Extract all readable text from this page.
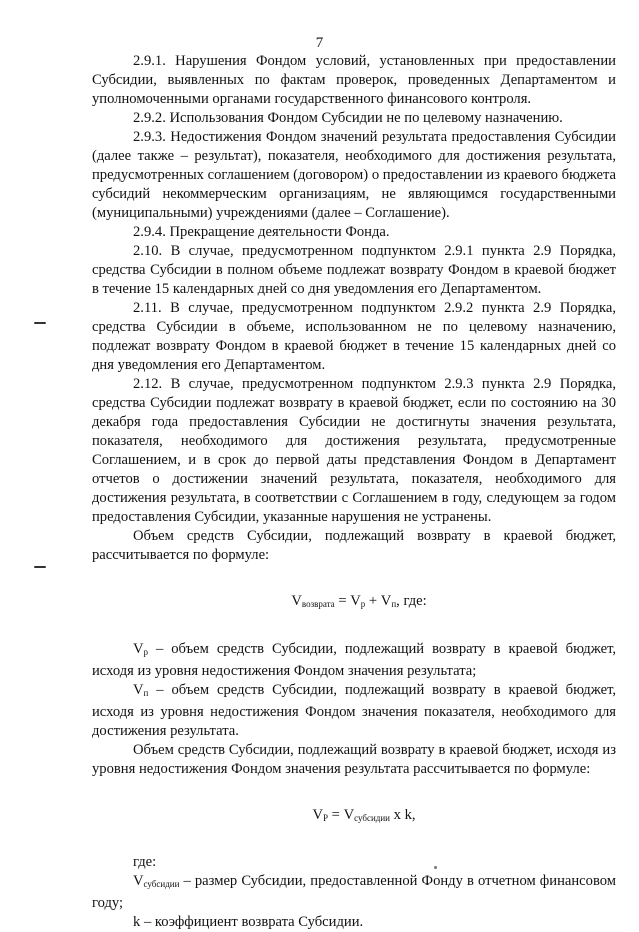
7

2.9.1. Нарушения Фондом условий, установленных при предоставлении Субсидии, выявленных по фактам проверок, проведенных Департаментом и уполномоченными органами государственного финансового контроля.

2.9.2. Использования Фондом Субсидии не по целевому назначению.

2.9.3. Недостижения Фондом значений результата предоставления Субсидии (далее также – результат), показателя, необходимого для достижения результата, предусмотренных соглашением (договором) о предоставлении из краевого бюджета субсидий некоммерческим организациям, не являющимся государственными (муниципальными) учреждениями (далее – Соглашение).

2.9.4. Прекращение деятельности Фонда.

2.10. В случае, предусмотренном подпунктом 2.9.1 пункта 2.9 Порядка, средства Субсидии в полном объеме подлежат возврату Фондом в краевой бюджет в течение 15 календарных дней со дня уведомления его Департаментом.

2.11. В случае, предусмотренном подпунктом 2.9.2 пункта 2.9 Порядка, средства Субсидии в объеме, использованном не по целевому назначению, подлежат возврату Фондом в краевой бюджет в течение 15 календарных дней со дня уведомления его Департаментом.

2.12. В случае, предусмотренном подпунктом 2.9.3 пункта 2.9 Порядка, средства Субсидии подлежат возврату в краевой бюджет, если по состоянию на 30 декабря года предоставления Субсидии не достигнуты значения результата, показателя, необходимого для достижения результата, предусмотренные Соглашением, и в срок до первой даты представления Фондом в Департамент отчетов о достижении значений результата, показателя, необходимого для достижения результата, в соответствии с Соглашением в году, следующем за годом предоставления Субсидии, указанные нарушения не устранены.

Объем средств Субсидии, подлежащий возврату в краевой бюджет, рассчитывается по формуле:

$V_{возврата} = V_р + V_п$, где:

$V_р$ – объем средств Субсидии, подлежащий возврату в краевой бюджет, исходя из уровня недостижения Фондом значения результата;

$V_п$ – объем средств Субсидии, подлежащий возврату в краевой бюджет, исходя из уровня недостижения Фондом значения показателя, необходимого для достижения результата.

Объем средств Субсидии, подлежащий возврату в краевой бюджет, исходя из уровня недостижения Фондом значения результата рассчитывается по формуле:

$V_Р = V_{субсидии}$ x k,

где:

$V_{субсидии}$ – размер Субсидии, предоставленной Фонду в отчетном финансовом году;

k – коэффициент возврата Субсидии.
